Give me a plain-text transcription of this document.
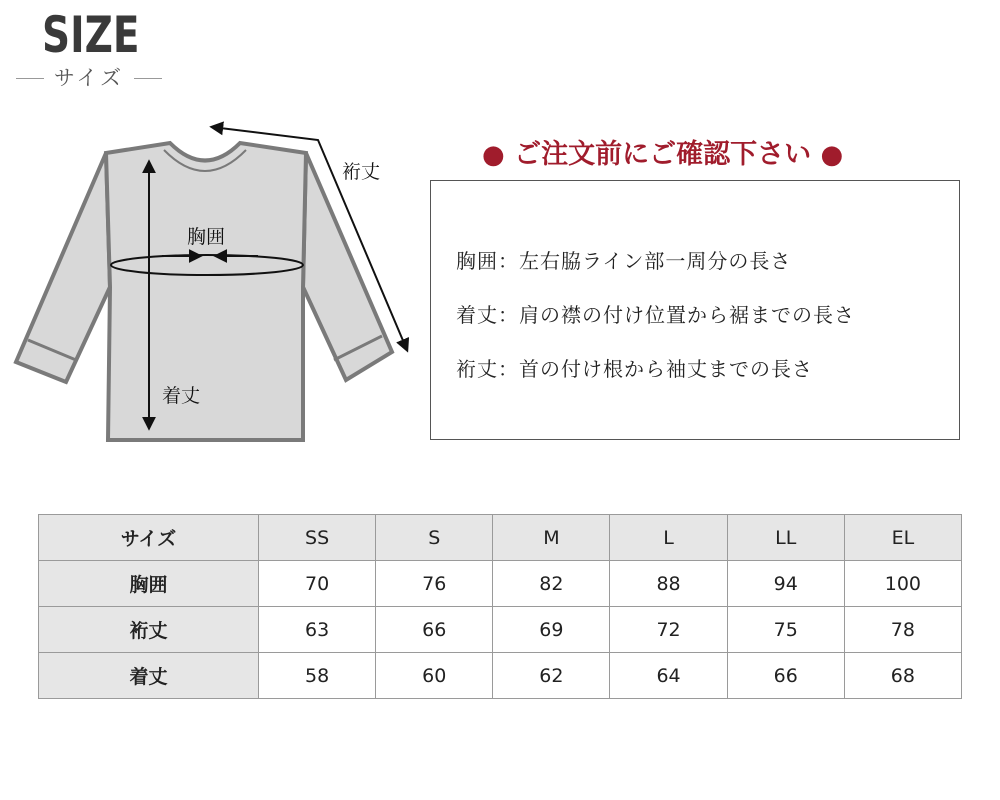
SIZE
サイズ
裄丈
胸囲
着丈
● ご注文前にご確認下さい ●
胸囲：左右脇ライン部一周分の長さ
着丈：肩の襟の付け位置から裾までの長さ
裄丈：首の付け根から袖丈までの長さ
サイズ	SS	S	M	L	LL	EL
胸囲	70	76	82	88	94	100
裄丈	63	66	69	72	75	78
着丈	58	60	62	64	66	68
